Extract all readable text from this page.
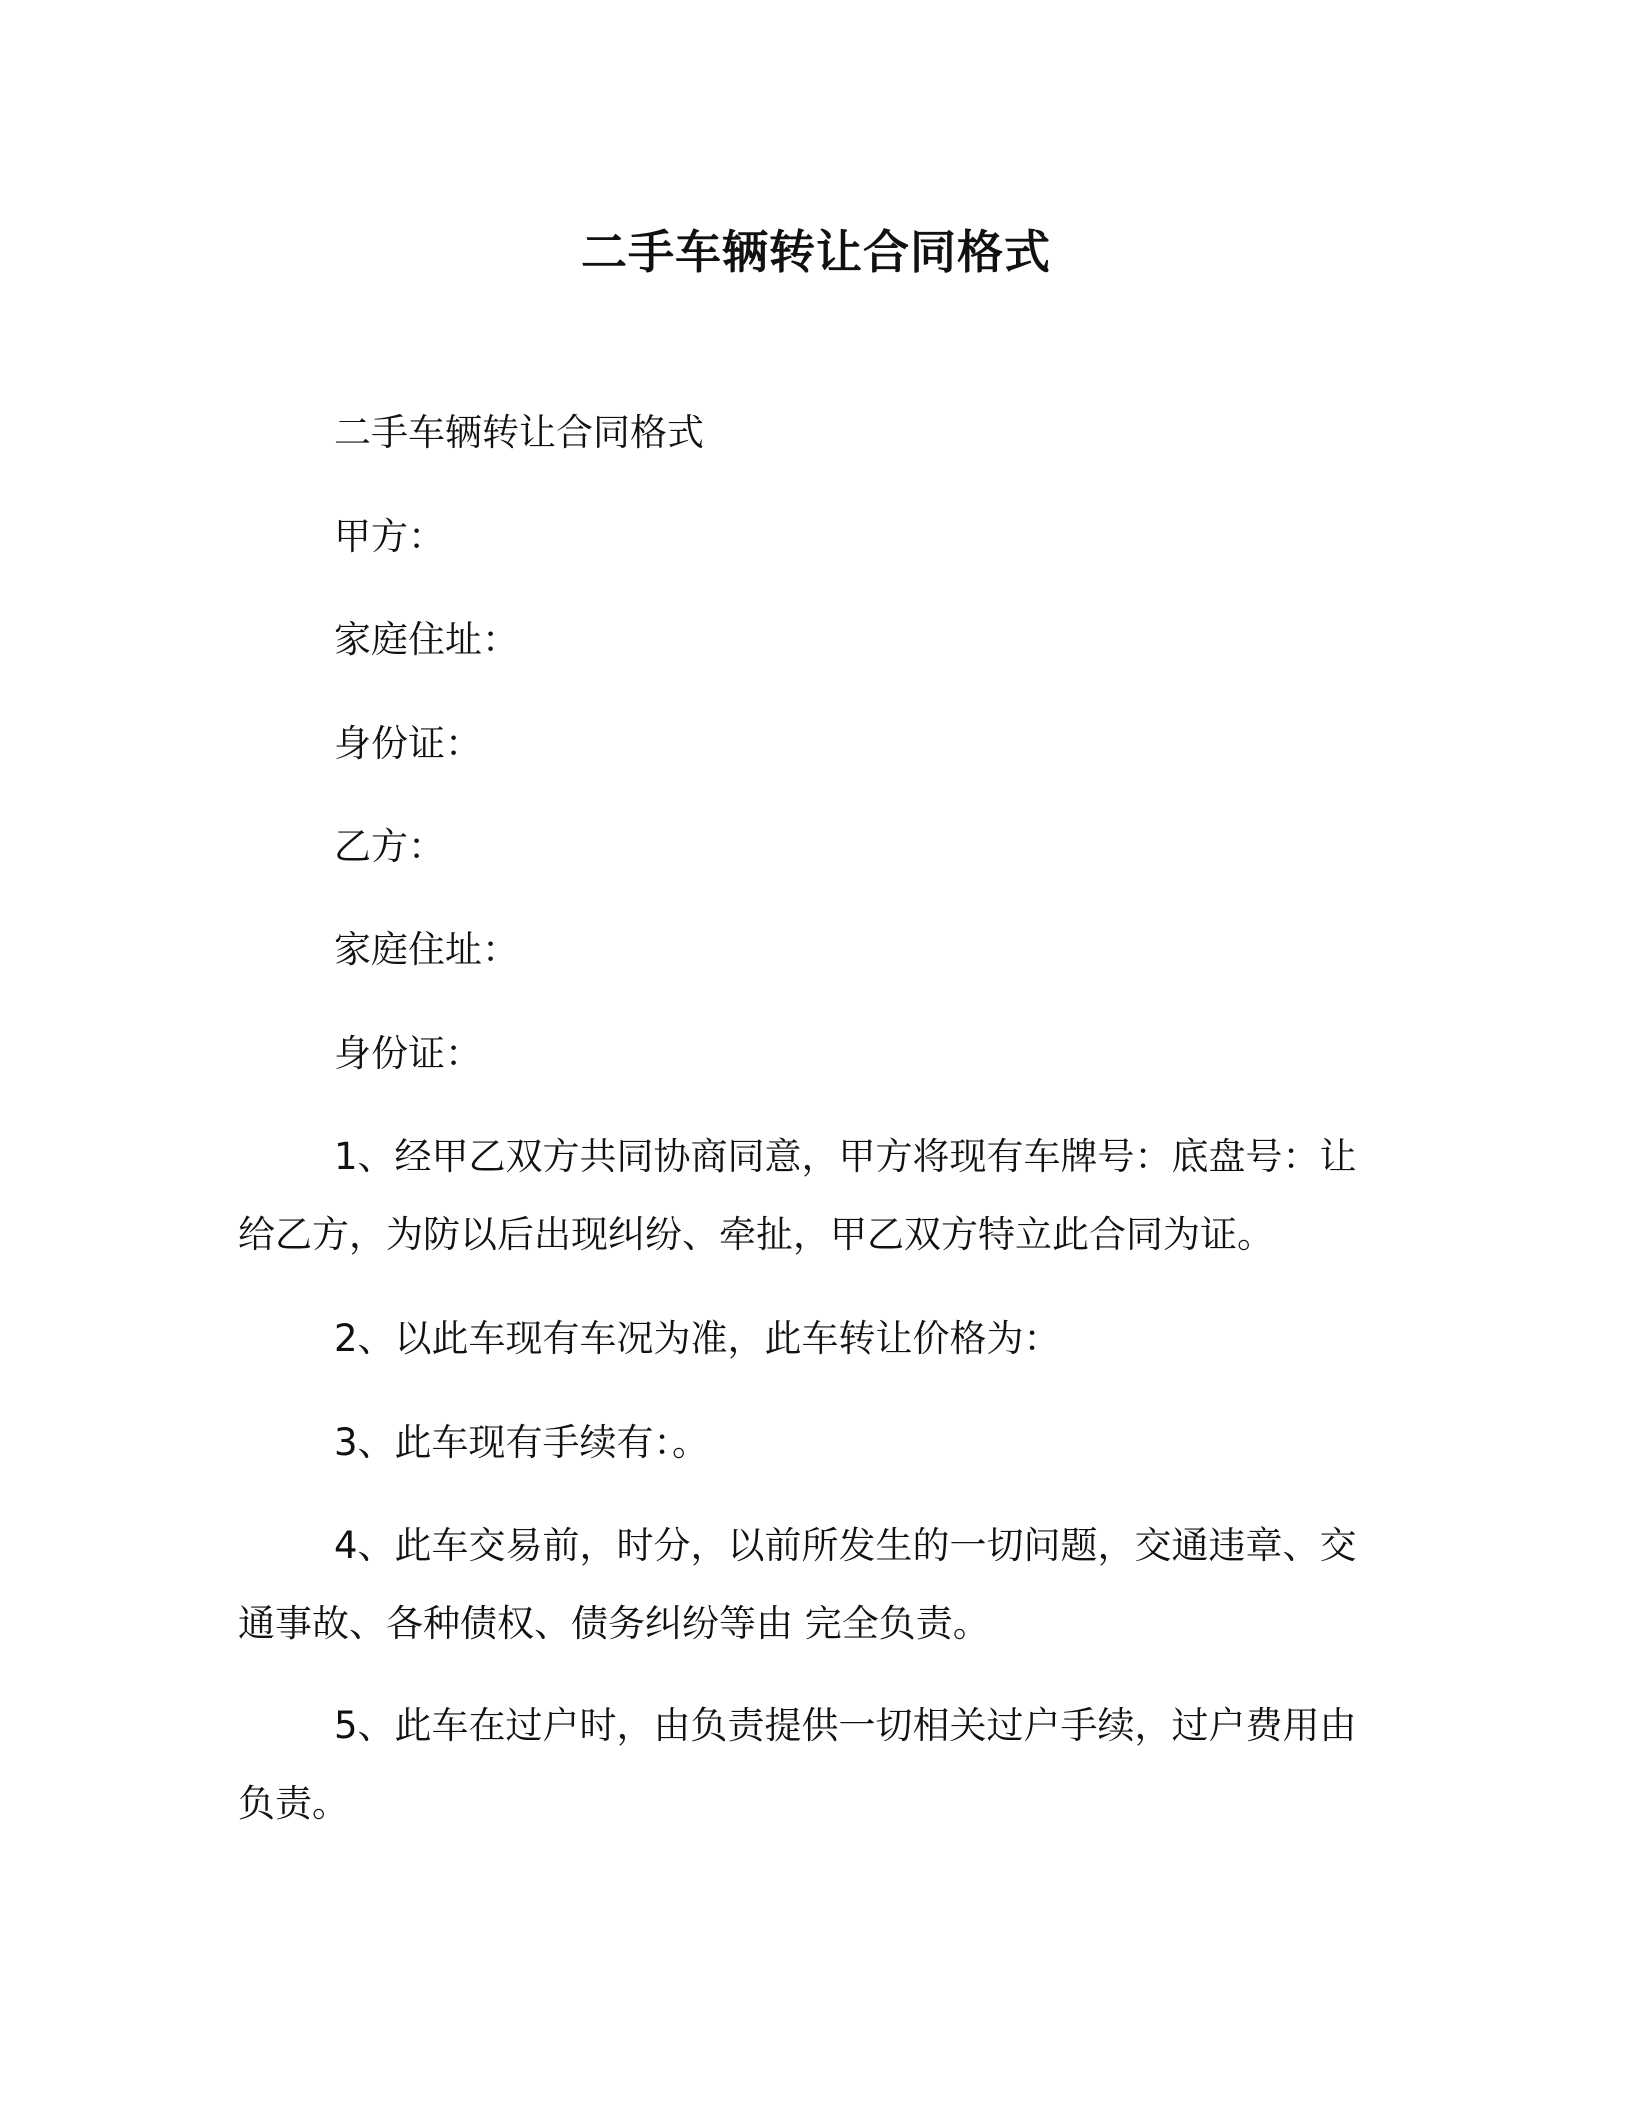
二手车辆转让合同格式
二手车辆转让合同格式
甲方：
家庭住址：
身份证：
乙方：
家庭住址：
身份证：
1、经甲乙双方共同协商同意，甲方将现有车牌号：底盘号：让给乙方，为防以后出现纠纷、牵扯，甲乙双方特立此合同为证。
2、以此车现有车况为准，此车转让价格为：
3、此车现有手续有：。
4、此车交易前，时分，以前所发生的一切问题，交通违章、交通事故、各种债权、债务纠纷等由 完全负责。
5、此车在过户时，由负责提供一切相关过户手续，过户费用由负责。
